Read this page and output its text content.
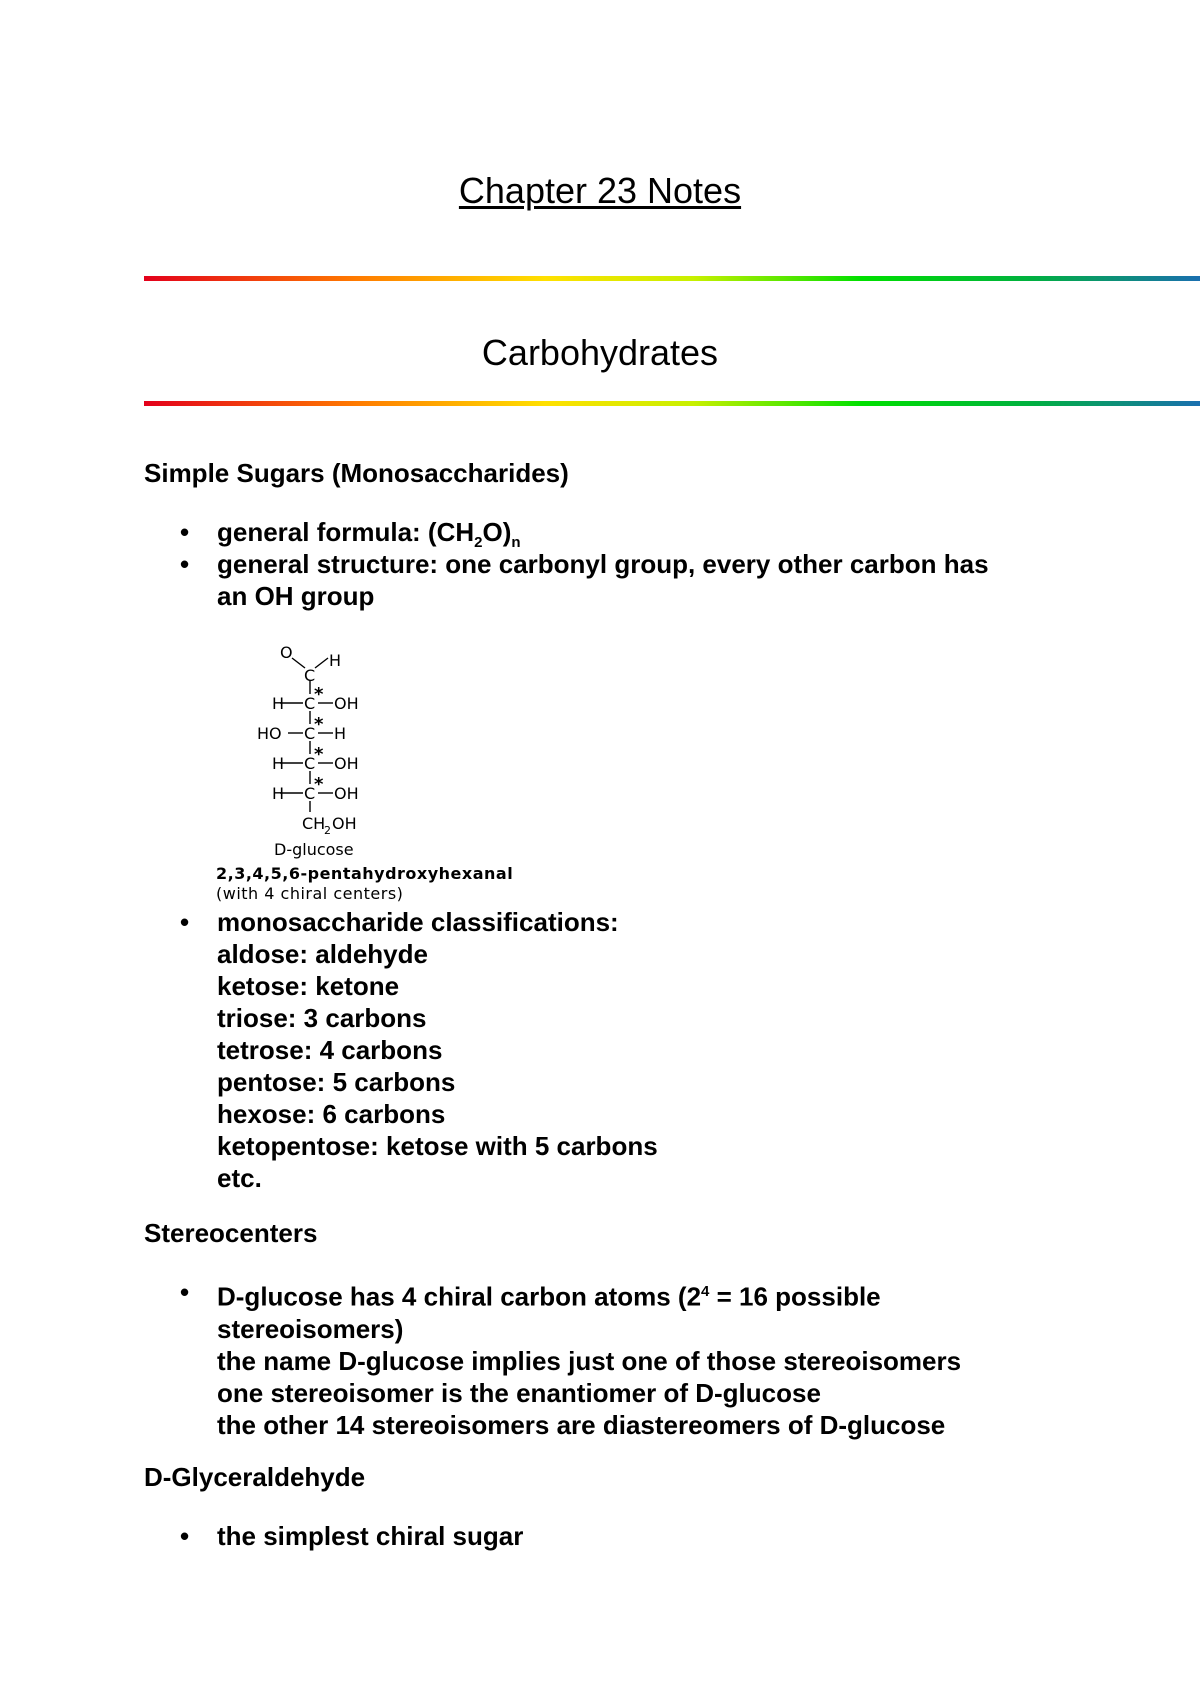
Chapter 23 Notes
Carbohydrates
Simple Sugars (Monosaccharides)
• general formula: $(CH_2O)_n$
• general structure: one carbonyl group, every other carbon has
an OH group
O H
C
H C OH
*
HO C H
*
H C OH
*
H C OH
*
CH
2 OH
D-glucose
2,3,4,5,6-pentahydroxyhexanal
(with 4 chiral centers)
• monosaccharide classifications:
aldose: aldehyde
ketose: ketone
triose: 3 carbons
tetrose: 4 carbons
pentose: 5 carbons
hexose: 6 carbons
ketopentose: ketose with 5 carbons
etc.
Stereocenters
• D-glucose has 4 chiral carbon atoms ($2^4 = 16$ possible
stereoisomers)
the name D-glucose implies just one of those stereoisomers
one stereoisomer is the enantiomer of D-glucose
the other 14 stereoisomers are diastereomers of D-glucose
D-Glyceraldehyde
• the simplest chiral sugar
